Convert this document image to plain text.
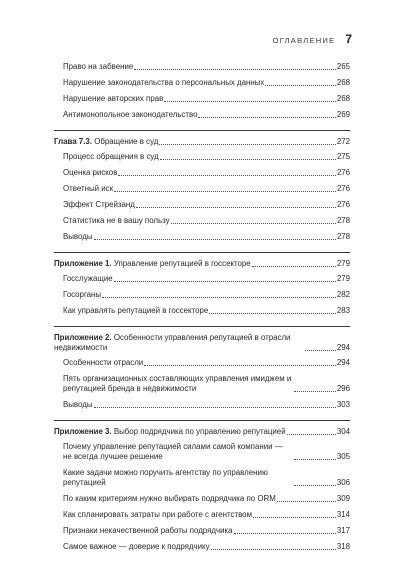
ОГЛАВЛЕНИЕ 7
Право на забвение	265
Нарушение законодательства о персональных данных	268
Нарушение авторских прав	268
Антимонопольное законодательство	269
Глава 7.3. Обращение в суд	272
Процесс обращения в суд	275
Оценка рисков	276
Ответный иск	276
Эффект Стрейзанд	276
Статистика не в вашу пользу	278
Выводы	278
Приложение 1. Управление репутацией в госсекторе	279
Госслужащие	279
Госорганы	282
Как управлять репутацией в госсекторе	283
Приложение 2. Особенности управления репутацией в отрасли недвижимости	294
Особенности отрасли	294
Пять организационных составляющих управления имиджем и репутацией бренда в недвижимости	296
Выводы	303
Приложение 3. Выбор подрядчика по управлению репутацией	304
Почему управление репутацией силами самой компании — не всегда лучшее решение	305
Какие задачи можно поручить агентству по управлению репутацией	306
По каким критериям нужно выбирать подрядчика по ORM	309
Как спланировать затраты при работе с агентством	314
Признаки некачественной работы подрядчика	317
Самое важное — доверие к подрядчику	318
